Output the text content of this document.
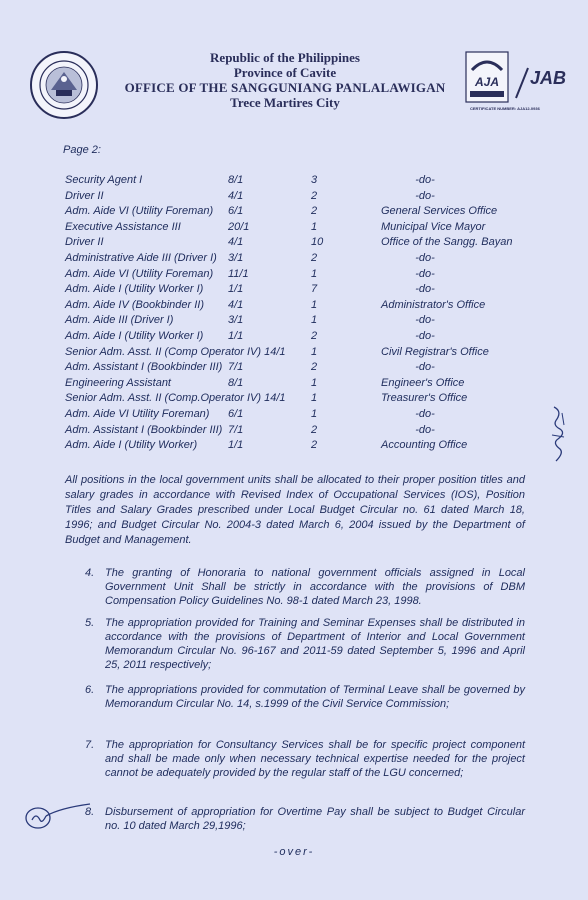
Republic of the Philippines
Province of Cavite
OFFICE OF THE SANGGUNIANG PANLALAWIGAN
Trece Martires City
AJA JAB
CERTIFICATE NUMBER: AJA12-0936
Page 2:
Security Agent I	8/1	3	-do-
Driver II	4/1	2	-do-
Adm. Aide VI (Utility Foreman) 6/1	2	General Services Office
Executive Assistance III	20/1	1	Municipal Vice Mayor
Driver II	4/1	10	Office of the Sangg. Bayan
Administrative Aide III (Driver I) 3/1	2	-do-
Adm. Aide VI (Utility Foreman) 11/1	1	-do-
Adm. Aide I (Utility Worker I) 1/1	7	-do-
Adm. Aide IV (Bookbinder II) 4/1	1	Administrator's Office
Adm. Aide III (Driver I)	3/1	1	-do-
Adm. Aide I (Utility Worker I) 1/1	2	-do-
Senior Adm. Asst. II (Comp Operator IV) 14/1 1	Civil Registrar's Office
Adm. Assistant I (Bookbinder III) 7/1	2	-do-
Engineering Assistant	8/1	1	Engineer's Office
Senior Adm. Asst. II (Comp.Operator IV) 14/1 1	Treasurer's Office
Adm. Aide VI Utility Foreman) 6/1	1	-do-
Adm. Assistant I (Bookbinder III) 7/1	2	-do-
Adm. Aide I (Utility Worker)	1/1	2	Accounting Office
All positions in the local government units shall be allocated to their proper position titles and salary grades in accordance with Revised Index of Occupational Services (IOS), Position Titles and Salary Grades prescribed under Local Budget Circular no. 61 dated March 18, 1996; and Budget Circular No. 2004-3 dated March 6, 2004 issued by the Department of Budget and Management.
4. The granting of Honoraria to national government officials assigned in Local Government Unit Shall be strictly in accordance with the provisions of DBM Compensation Policy Guidelines No. 98-1 dated March 23, 1998.
5. The appropriation provided for Training and Seminar Expenses shall be distributed in accordance with the provisions of Department of Interior and Local Government Memorandum Circular No. 96-167 and 2011-59 dated September 5, 1996 and April 25, 2011 respectively;
6. The appropriations provided for commutation of Terminal Leave shall be governed by Memorandum Circular No. 14, s.1999 of the Civil Service Commission;
7. The appropriation for Consultancy Services shall be for specific project component and shall be made only when necessary technical expertise needed for the project cannot be adequately provided by the regular staff of the LGU concerned;
8. Disbursement of appropriation for Overtime Pay shall be subject to Budget Circular no. 10 dated March 29,1996;
-over-
